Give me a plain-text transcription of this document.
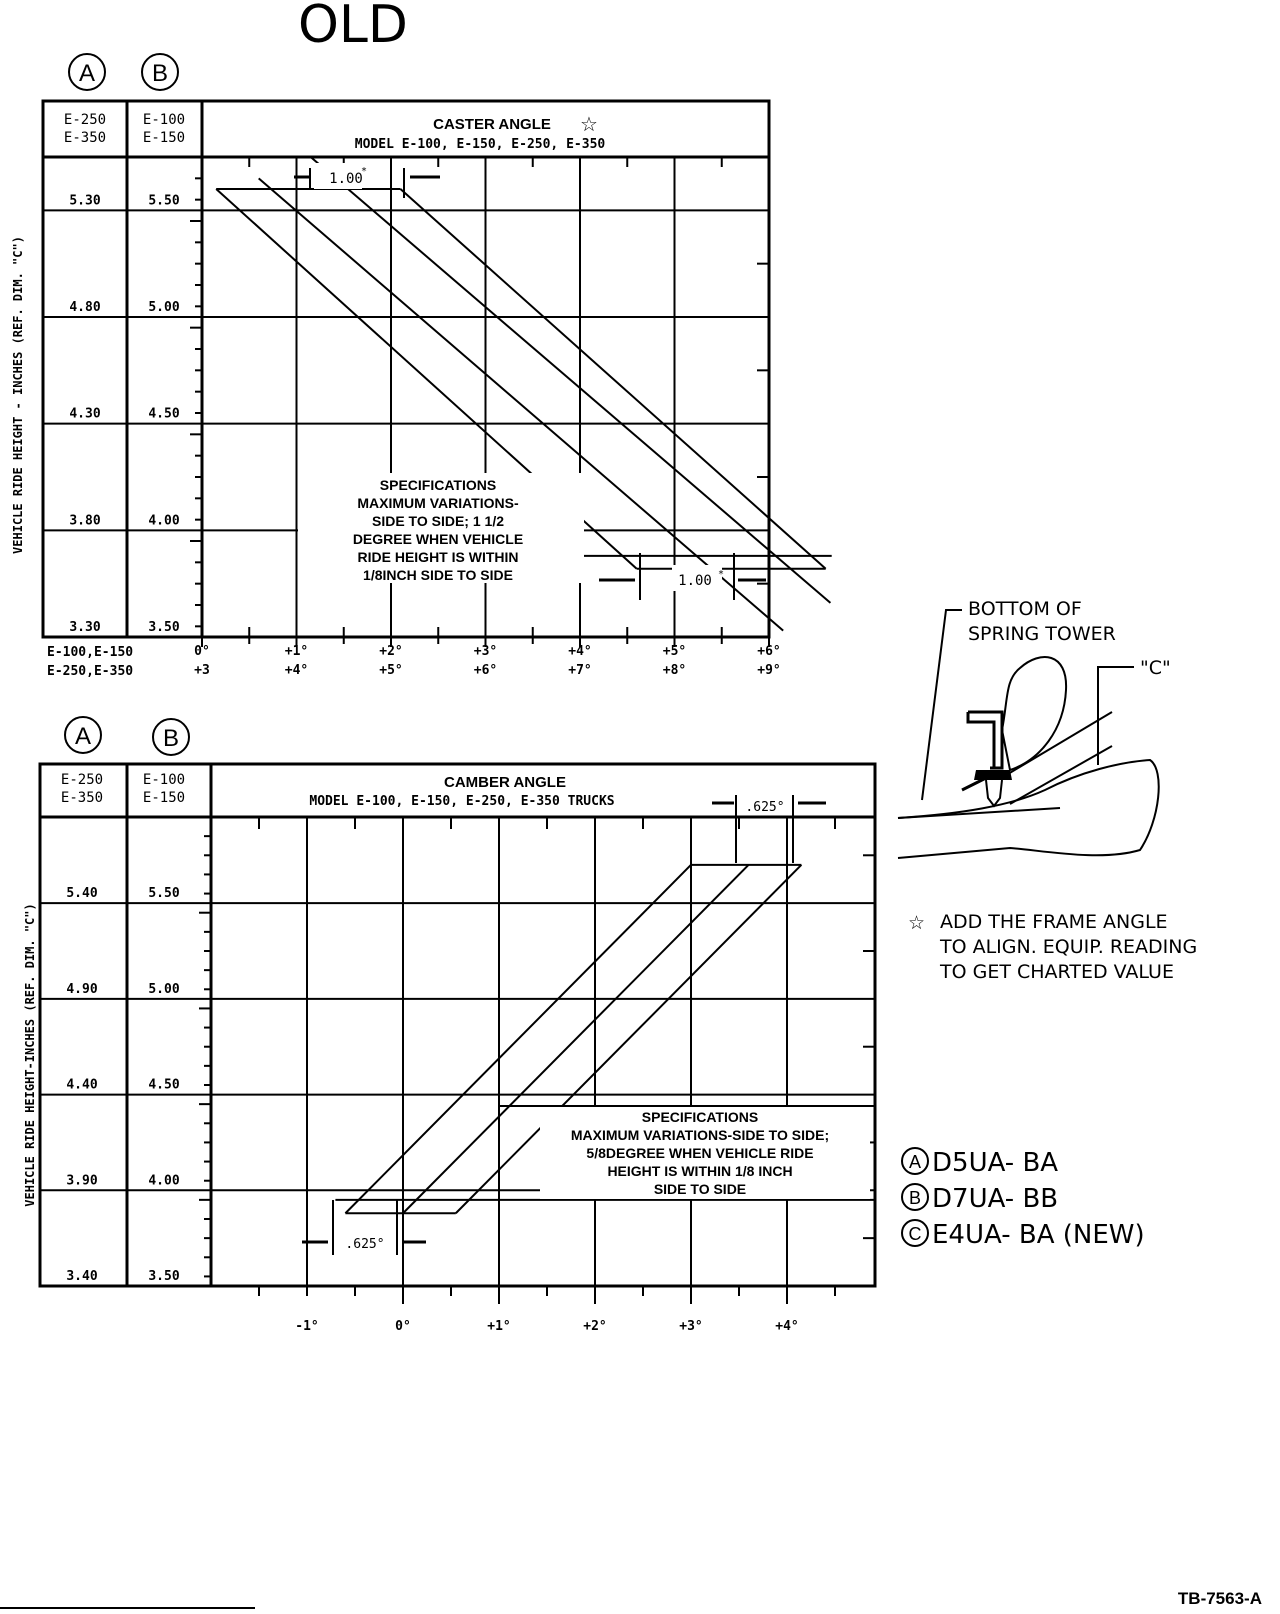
OLD
A B
E-250
E-350
E-100
E-150
CASTER ANGLE ☆
MODEL E-100, E-150, E-250, E-350
5.30
4.80
4.30
3.80
3.30
5.50
5.00
4.50
4.00
3.50
0°	+1°	+2°	+3°	+4°	+5°	+6°
+3	+4°	+5°	+6°	+7°	+8°	+9°
1.00
*
1.00 *
SPECIFICATIONS
MAXIMUM VARIATIONS-
SIDE TO SIDE; 1 1/2
DEGREE WHEN VEHICLE
RIDE HEIGHT IS WITHIN
1/8INCH SIDE TO SIDE
VEHICLE RIDE HEIGHT - INCHES (REF. DIM. "C")
E-100,E-150
E-250,E-350
A	B
E-250
E-350
E-100
E-150
CAMBER ANGLE
MODEL E-100, E-150, E-250, E-350 TRUCKS
5.40
4.90
4.40
3.90
3.40
5.50
5.00
4.50
4.00
3.50
-1°	0°	+1°	+2°	+3°	+4°
.625°
.625°
SPECIFICATIONS
MAXIMUM VARIATIONS-SIDE TO SIDE;
5/8DEGREE WHEN VEHICLE RIDE
HEIGHT IS WITHIN 1/8 INCH
SIDE TO SIDE
VEHICLE RIDE HEIGHT-INCHES (REF. DIM. "C")
BOTTOM OF
SPRING TOWER
"C"
☆ ADD THE FRAME ANGLE
TO ALIGN. EQUIP. READING
TO GET CHARTED VALUE
A D5UA- BA
B D7UA- BB
C E4UA- BA (NEW)
TB-7563-A
